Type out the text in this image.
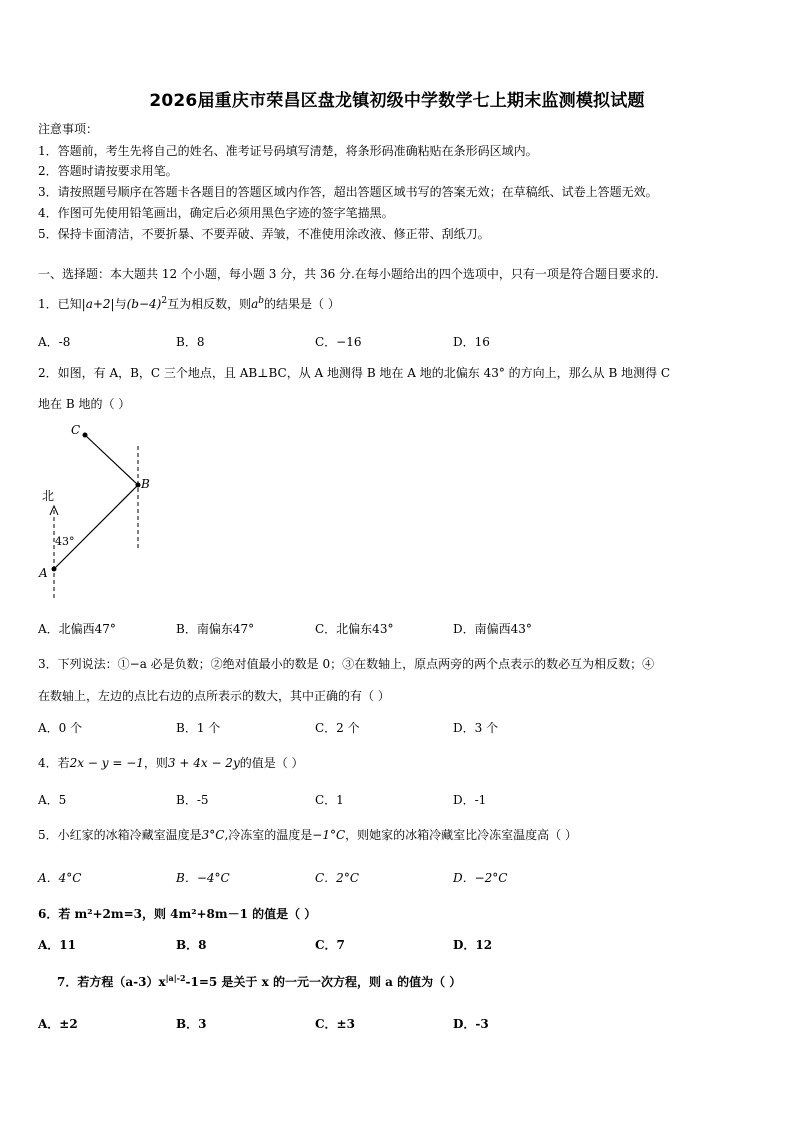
2026届重庆市荣昌区盘龙镇初级中学数学七上期末监测模拟试题
注意事项：
1．答题前，考生先将自己的姓名、准考证号码填写清楚，将条形码准确粘贴在条形码区域内。
2．答题时请按要求用笔。
3．请按照题号顺序在答题卡各题目的答题区域内作答，超出答题区域书写的答案无效；在草稿纸、试卷上答题无效。
4．作图可先使用铅笔画出，确定后必须用黑色字迹的签字笔描黑。
5．保持卡面清洁，不要折暴、不要弄破、弄皱，不准使用涂改液、修正带、刮纸刀。
一、选择题：本大题共 12 个小题，每小题 3 分，共 36 分.在每小题给出的四个选项中，只有一项是符合题目要求的.
1．已知|a+2|与$(b-4)^2$互为相反数，则$a^b$的结果是（ ）
A．-8	B．8	C．−16	D．16
2．如图，有 A，B，C 三个地点，且 AB⊥BC，从 A 地测得 B 地在 A 地的北偏东 43° 的方向上，那么从 B 地测得 C
地在 B 地的（ ）
C
B
A
北
43°
A．北偏西47°	B．南偏东47°	C．北偏东43°	D．南偏西43°
3．下列说法：①−a 必是负数；②绝对值最小的数是 0；③在数轴上，原点两旁的两个点表示的数必互为相反数；④
在数轴上，左边的点比右边的点所表示的数大，其中正确的有（ ）
A．0 个	B．1 个	C．2 个	D．3 个
4．若2x − y = −1，则3 + 4x − 2y的值是（ ）
A．5	B．-5	C．1	D．-1
5．小红家的冰箱冷藏室温度是3°C,冷冻室的温度是−1°C，则她家的冰箱冷藏室比冷冻室温度高（ ）
A．4°C	B．−4°C	C．2°C	D．−2°C
6．若 m²+2m=3，则 4m²+8m－1 的值是（ ）
A．11	B．8	C．7	D．12
7．若方程$(a-3)x^{|a|-2}-1=5$ 是关于 x 的一元一次方程，则 a 的值为（ ）
A．±2	B．3	C．±3	D．-3
